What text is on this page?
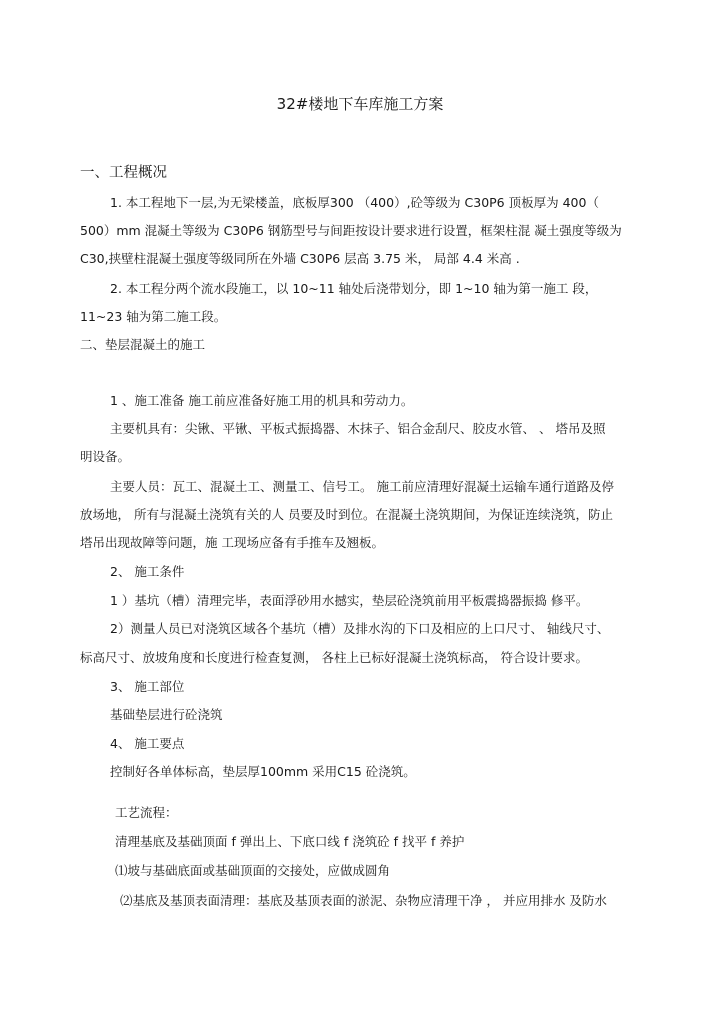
32#楼地下车库施工方案
一、工程概况
1. 本工程地下一层,为无梁楼盖，底板厚300 （400）,砼等级为 C30P6 顶板厚为 400（
500）mm 混凝土等级为 C30P6 钢筋型号与间距按设计要求进行设置，框架柱混 凝土强度等级为
C30,挟壁柱混凝土强度等级同所在外墙 C30P6 层高 3.75 米， 局部 4.4 米高 .
2. 本工程分两个流水段施工，以 10~11 轴处后浇带划分，即 1~10 轴为第一施工 段，
11~23 轴为第二施工段。
二、垫层混凝土的施工
1 、施工准备 施工前应准备好施工用的机具和劳动力。
主要机具有：尖锹、平锹、平板式振捣器、木抹子、铝合金刮尺、胶皮水管、 、 塔吊及照
明设备。
主要人员：瓦工、混凝土工、测量工、信号工。 施工前应清理好混凝土运输车通行道路及停
放场地， 所有与混凝土浇筑有关的人 员要及时到位。在混凝土浇筑期间，为保证连续浇筑，防止
塔吊出现故障等问题，施 工现场应备有手推车及翘板。
2、 施工条件
1 ）基坑（槽）清理完毕，表面浮砂用水撼实，垫层砼浇筑前用平板震捣器振捣 修平。
2）测量人员已对浇筑区域各个基坑（槽）及排水沟的下口及相应的上口尺寸、 轴线尺寸、
标高尺寸、放坡角度和长度进行检查复测， 各柱上已标好混凝土浇筑标高， 符合设计要求。
3、 施工部位
基础垫层进行砼浇筑
4、 施工要点
控制好各单体标高，垫层厚100mm 采用C15 砼浇筑。
工艺流程：
清理基底及基础顶面 f 弹出上、下底口线 f 浇筑砼 f 找平 f 养护
⑴坡与基础底面或基础顶面的交接处，应做成圆角
⑵基底及基顶表面清理：基底及基顶表面的淤泥、杂物应清理干净 ， 并应用排水 及防水
